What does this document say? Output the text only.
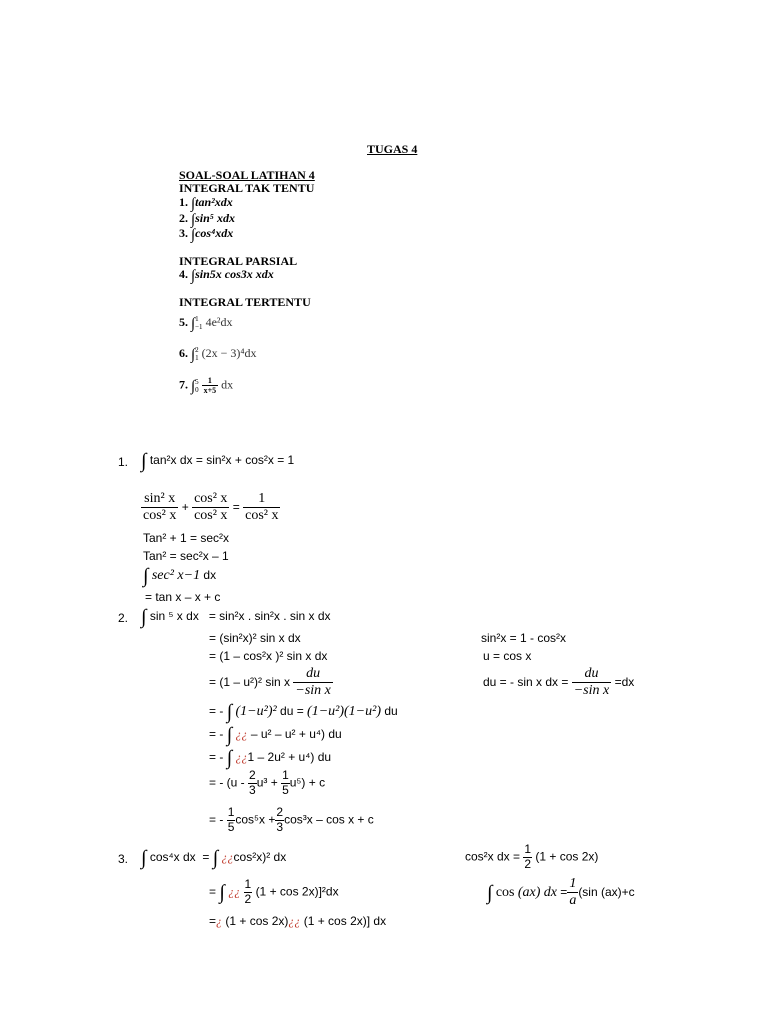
TUGAS 4
SOAL-SOAL LATIHAN 4
INTEGRAL TAK TENTU
1. ∫tan²xdx
2. ∫sin⁵ xdx
3. ∫cos⁴xdx
INTEGRAL PARSIAL
4. ∫sin5x cos3x xdx
INTEGRAL TERTENTU
5. ∫ 1
−1 4e²dx
6. ∫ 2
1 (2x − 3)⁴dx
7. ∫ 5
0
$\frac{1}{x+5}$ dx
1. ∫ tan²x dx = sin²x + cos²x = 1
$\frac{\text{sin² x}}{\text{cos² x}} + \frac{\text{cos² x}}{\text{cos² x}} = \frac{1}{\text{cos² x}}$
Tan² + 1 = sec²x
Tan² = sec²x – 1
∫ sec² x−1 dx
= tan x – x + c
2. ∫ sin ⁵ x dx = sin²x . sin²x . sin x dx
= (sin²x)² sin x dx
= (1 – cos²x )² sin x dx
= (1 – u²)² sin x $\frac{du}{\text{−sin x}}$
= - ∫ (1−u²)² du = (1−u²)(1−u²) du
= - ∫ ¿¿ – u² – u² + u⁴) du
= - ∫ ¿¿1 – 2u² + u⁴) du
= - $(u - \frac{2}{3} u^3 + \frac{1}{5} u^5) + c$
= - $\frac{1}{5} \cos^5x + \frac{2}{3} \cos^3x - \cos x + c$
sin²x = 1 - cos²x
u = cos x
du = - sin x dx = $\frac{du}{\text{−sin x}} =dx$
3. ∫ cos⁴x dx = ∫ ¿¿cos²x)² dx
= ∫ ¿¿ $\frac{1}{2} (1 + \cos 2x)]^2dx$
=¿ (1 + cos 2x)¿¿ (1 + cos 2x)] dx
cos²x dx = $\frac{1}{2} (1 + \cos 2x)$
∫ cos (ax) dx = $\frac{1}{a} (\sin$ (ax)+c
